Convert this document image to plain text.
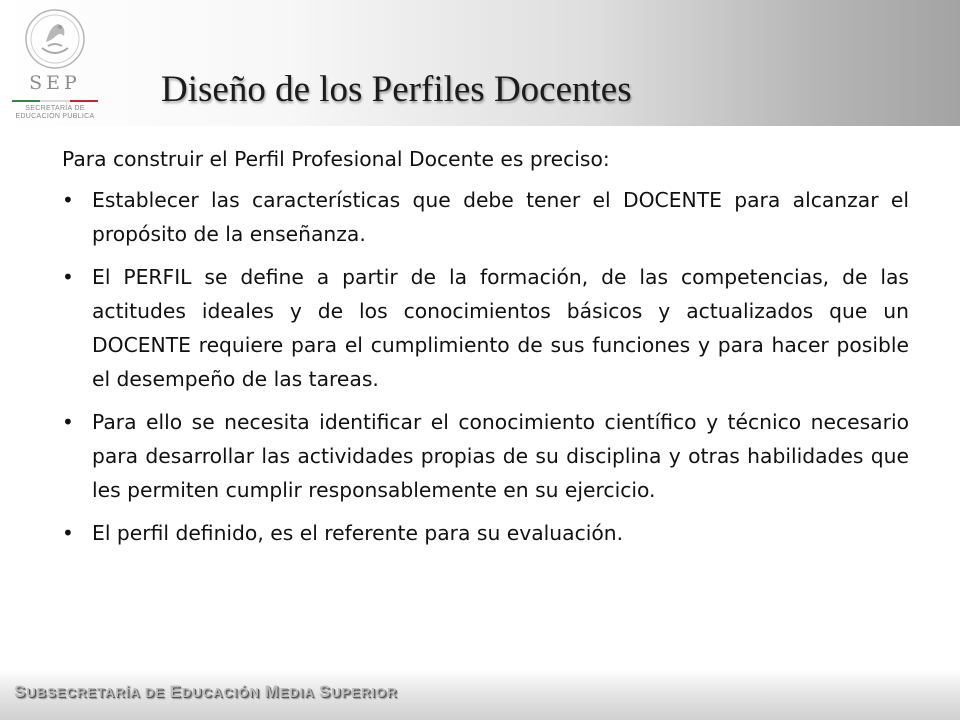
SEP
SECRETARÍA DE
EDUCACIÓN PÚBLICA
Diseño de los Perfiles Docentes

Para construir el Perfil Profesional Docente es preciso:

• Establecer las características que debe tener el DOCENTE para alcanzar el propósito de la enseñanza.
• El PERFIL se define a partir de la formación, de las competencias, de las actitudes ideales y de los conocimientos básicos y actualizados que un DOCENTE requiere para el cumplimiento de sus funciones y para hacer posible el desempeño de las tareas.
• Para ello se necesita identificar el conocimiento científico y técnico necesario para desarrollar las actividades propias de su disciplina y otras habilidades que les permiten cumplir responsablemente en su ejercicio.
• El perfil definido, es el referente para su evaluación.
SUBSECRETARÍA DE EDUCACIÓN MEDIA SUPERIOR
